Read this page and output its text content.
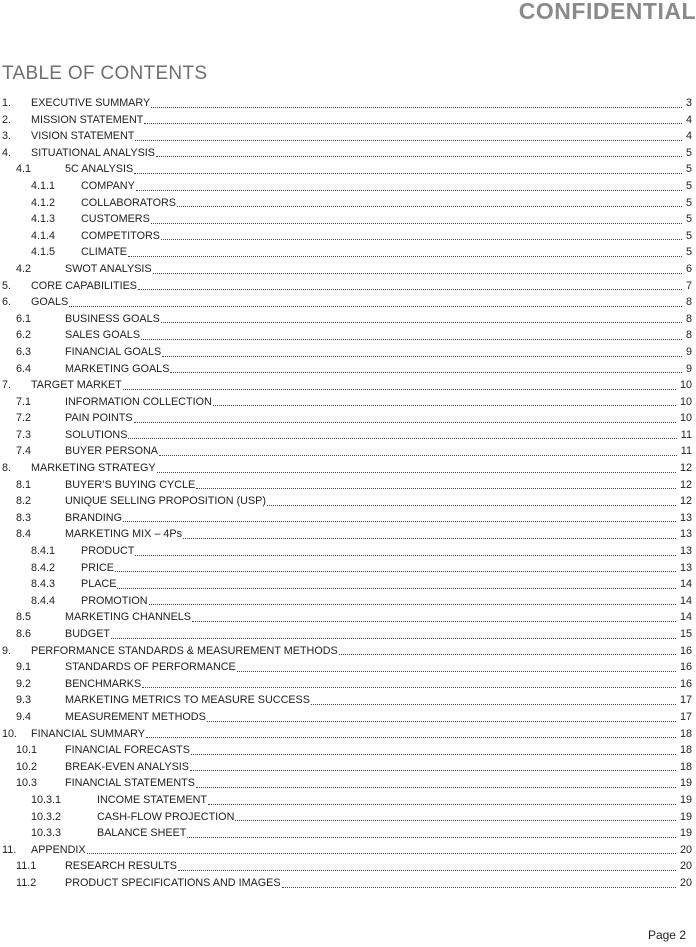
CONFIDENTIAL
TABLE OF CONTENTS
1. EXECUTIVE SUMMARY	3
2. MISSION STATEMENT	4
3. VISION STATEMENT	4
4. SITUATIONAL ANALYSIS	5
4.1	5C ANALYSIS	5
4.1.1 COMPANY	5
4.1.2 COLLABORATORS	5
4.1.3 CUSTOMERS	5
4.1.4 COMPETITORS	5
4.1.5 CLIMATE	5
4.2	SWOT ANALYSIS	6
5. CORE CAPABILITIES	7
6. GOALS	8
6.1	BUSINESS GOALS	8
6.2	SALES GOALS	8
6.3	FINANCIAL GOALS	9
6.4	MARKETING GOALS	9
7. TARGET MARKET	10
7.1	INFORMATION COLLECTION	10
7.2	PAIN POINTS	10
7.3	SOLUTIONS	11
7.4	BUYER PERSONA	11
8. MARKETING STRATEGY	12
8.1	BUYER’S BUYING CYCLE	12
8.2	UNIQUE SELLING PROPOSITION (USP)	12
8.3	BRANDING	13
8.4	MARKETING MIX – 4Ps	13
8.4.1 PRODUCT	13
8.4.2 PRICE	13
8.4.3 PLACE	14
8.4.4 PROMOTION	14
8.5	MARKETING CHANNELS	14
8.6	BUDGET	15
9. PERFORMANCE STANDARDS & MEASUREMENT METHODS	16
9.1	STANDARDS OF PERFORMANCE	16
9.2	BENCHMARKS	16
9.3	MARKETING METRICS TO MEASURE SUCCESS	17
9.4	MEASUREMENT METHODS	17
10. FINANCIAL SUMMARY	18
10.1	FINANCIAL FORECASTS	18
10.2	BREAK-EVEN ANALYSIS	18
10.3	FINANCIAL STATEMENTS	19
10.3.1	INCOME STATEMENT	19
10.3.2	CASH-FLOW PROJECTION	19
10.3.3	BALANCE SHEET	19
11. APPENDIX	20
11.1	RESEARCH RESULTS	20
11.2	PRODUCT SPECIFICATIONS AND IMAGES	20
Page 2
